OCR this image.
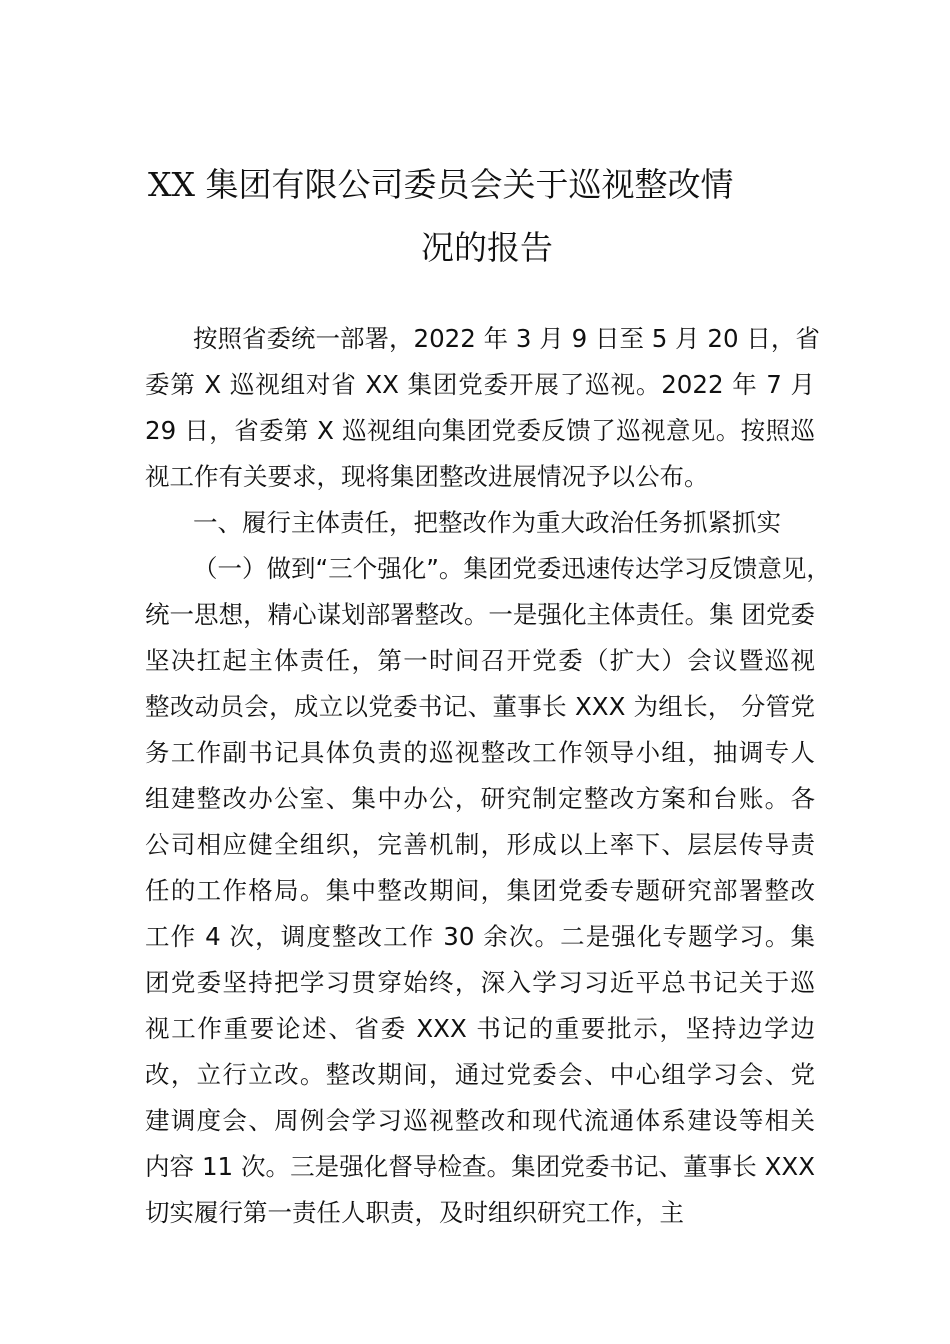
XX 集团有限公司委员会关于巡视整改情
况的报告

按照省委统一部署，2022 年 3 月 9 日至 5 月 20 日，省

委第 X 巡视组对省 XX 集团党委开展了巡视。2022 年 7 月

29 日，省委第 X 巡视组向集团党委反馈了巡视意见。按照巡

视工作有关要求，现将集团整改进展情况予以公布。

一、履行主体责任，把整改作为重大政治任务抓紧抓实

（一）做到“三个强化”。集团党委迅速传达学习反馈意见，

统一思想，精心谋划部署整改。一是强化主体责任。集 团党委

坚决扛起主体责任，第一时间召开党委（扩大）会议暨巡视

整改动员会，成立以党委书记、董事长 XXX 为组长， 分管党

务工作副书记具体负责的巡视整改工作领导小组，抽调专人

组建整改办公室、集中办公，研究制定整改方案和台账。各

公司相应健全组织，完善机制，形成以上率下、层层传导责

任的工作格局。集中整改期间，集团党委专题研究部署整改

工作 4 次，调度整改工作 30 余次。二是强化专题学习。集

团党委坚持把学习贯穿始终，深入学习习近平总书记关于巡

视工作重要论述、省委 XXX 书记的重要批示，坚持边学边

改，立行立改。整改期间，通过党委会、中心组学习会、党

建调度会、周例会学习巡视整改和现代流通体系建设等相关

内容 11 次。三是强化督导检查。集团党委书记、董事长 XXX

切实履行第一责任人职责，及时组织研究工作，主
